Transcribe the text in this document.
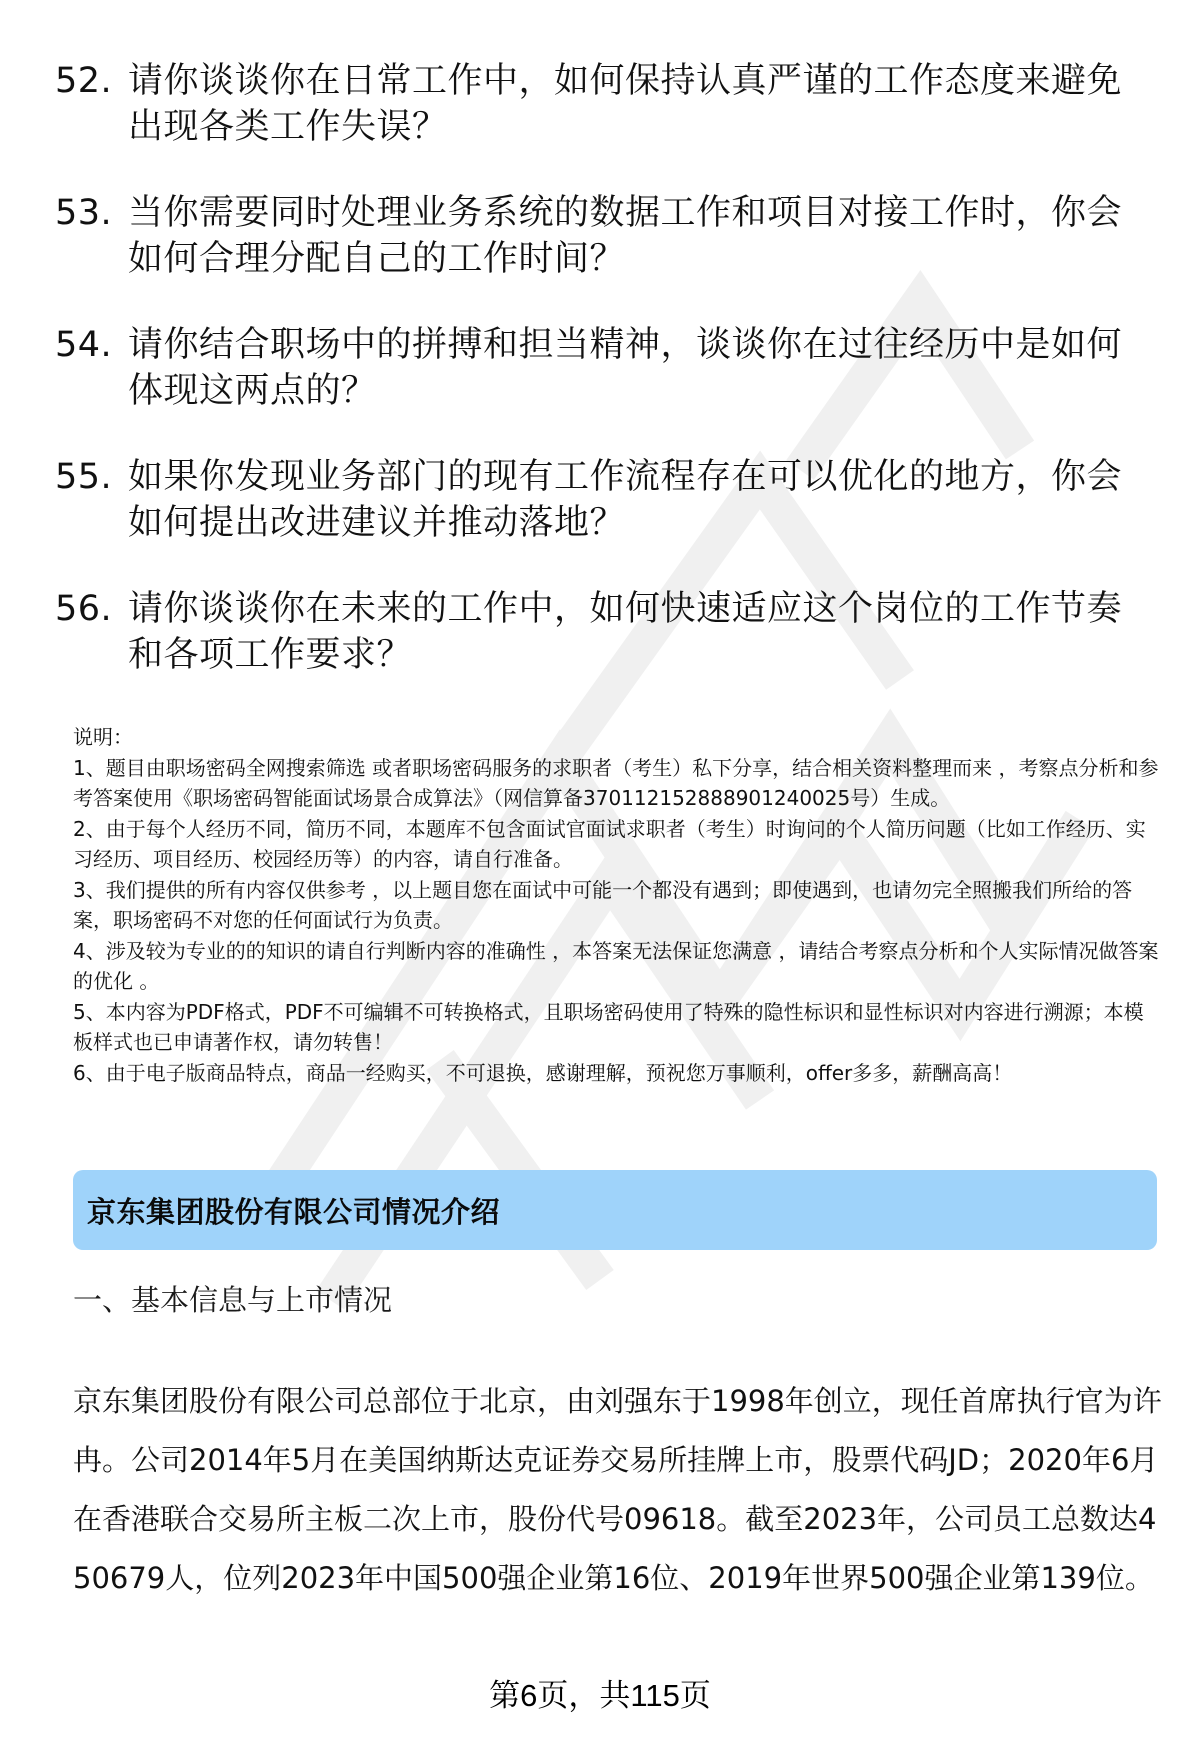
52. 请你谈谈你在日常工作中，如何保持认真严谨的工作态度来避免出现各类工作失误？
53. 当你需要同时处理业务系统的数据工作和项目对接工作时，你会如何合理分配自己的工作时间？
54. 请你结合职场中的拼搏和担当精神，谈谈你在过往经历中是如何体现这两点的？
55. 如果你发现业务部门的现有工作流程存在可以优化的地方，你会如何提出改进建议并推动落地？
56. 请你谈谈你在未来的工作中，如何快速适应这个岗位的工作节奏和各项工作要求？

说明：

1、题目由职场密码全网搜索筛选 或者职场密码服务的求职者（考生）私下分享，结合相关资料整理而来 ，考察点分析和参考答案使用《职场密码智能面试场景合成算法》（网信算备370112152888901240025号）生成。

2、由于每个人经历不同，简历不同，本题库不包含面试官面试求职者（考生）时询问的个人简历问题（比如工作经历、实习经历、项目经历、校园经历等）的内容，请自行准备。

3、我们提供的所有内容仅供参考 ，以上题目您在面试中可能一个都没有遇到；即使遇到，也请勿完全照搬我们所给的答案，职场密码不对您的任何面试行为负责。

4、涉及较为专业的的知识的请自行判断内容的准确性 ，本答案无法保证您满意 ，请结合考察点分析和个人实际情况做答案的优化 。

5、本内容为PDF格式，PDF不可编辑不可转换格式，且职场密码使用了特殊的隐性标识和显性标识对内容进行溯源；本模板样式也已申请著作权，请勿转售！

6、由于电子版商品特点，商品一经购买，不可退换，感谢理解，预祝您万事顺利，offer多多，薪酬高高！

京东集团股份有限公司情况介绍
一、基本信息与上市情况
京东集团股份有限公司总部位于北京，由刘强东于1998年创立，现任首席执行官为许冉。公司2014年5月在美国纳斯达克证券交易所挂牌上市，股票代码JD；2020年6月在香港联合交易所主板二次上市，股份代号09618。截至2023年，公司员工总数达450679人，位列2023年中国500强企业第16位、2019年世界500强企业第139位。
第6页，共115页
